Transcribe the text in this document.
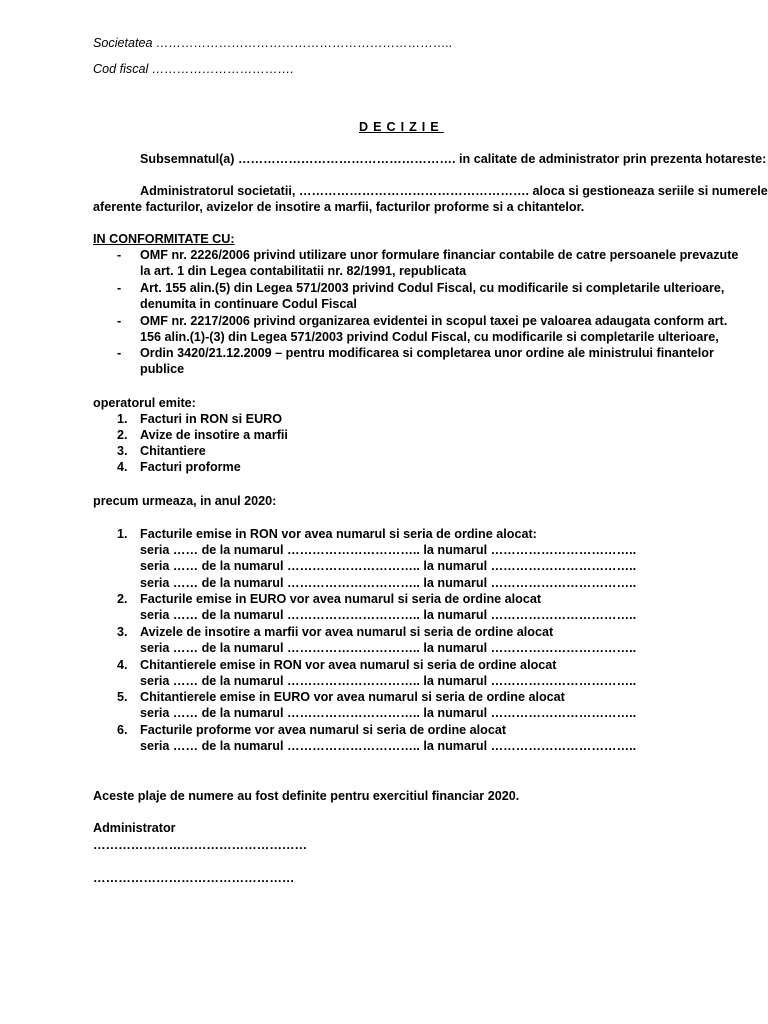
Societatea ……………………………………………………………..
Cod fiscal …………………………….
DECIZIE
Subsemnatul(a) ……………………………………………. in calitate de administrator prin prezenta hotareste:
Administratorul societatii, ………………………………………………. aloca si gestioneaza seriile si numerele
aferente facturilor, avizelor de insotire a marfii, facturilor proforme si a chitantelor.
IN CONFORMITATE CU:
- OMF nr. 2226/2006 privind utilizare unor formulare financiar contabile de catre persoanele prevazute
la art. 1 din Legea contabilitatii nr. 82/1991, republicata
- Art. 155 alin.(5) din Legea 571/2003 privind Codul Fiscal, cu modificarile si completarile ulterioare,
denumita in continuare Codul Fiscal
- OMF nr. 2217/2006 privind organizarea evidentei in scopul taxei pe valoarea adaugata conform art.
156 alin.(1)-(3) din Legea 571/2003 privind Codul Fiscal, cu modificarile si completarile ulterioare,
- Ordin 3420/21.12.2009 – pentru modificarea si completarea unor ordine ale ministrului finantelor
publice
operatorul emite:
1. Facturi in RON si EURO
2. Avize de insotire a marfii
3. Chitantiere
4. Facturi proforme
precum urmeaza, in anul 2020:
1. Facturile emise in RON vor avea numarul si seria de ordine alocat:
seria …… de la numarul ………………………….. la numarul ……………………………..
seria …… de la numarul ………………………….. la numarul ……………………………..
seria …… de la numarul ………………………….. la numarul ……………………………..
2. Facturile emise in EURO vor avea numarul si seria de ordine alocat
seria …… de la numarul ………………………….. la numarul ……………………………..
3. Avizele de insotire a marfii vor avea numarul si seria de ordine alocat
seria …… de la numarul ………………………….. la numarul ……………………………..
4. Chitantierele emise in RON vor avea numarul si seria de ordine alocat
seria …… de la numarul ………………………….. la numarul ……………………………..
5. Chitantierele emise in EURO vor avea numarul si seria de ordine alocat
seria …… de la numarul ………………………….. la numarul ……………………………..
6. Facturile proforme vor avea numarul si seria de ordine alocat
seria …… de la numarul ………………………….. la numarul ……………………………..
Aceste plaje de numere au fost definite pentru exercitiul financiar 2020.
Administrator
……………………………………………
…………………………………………
